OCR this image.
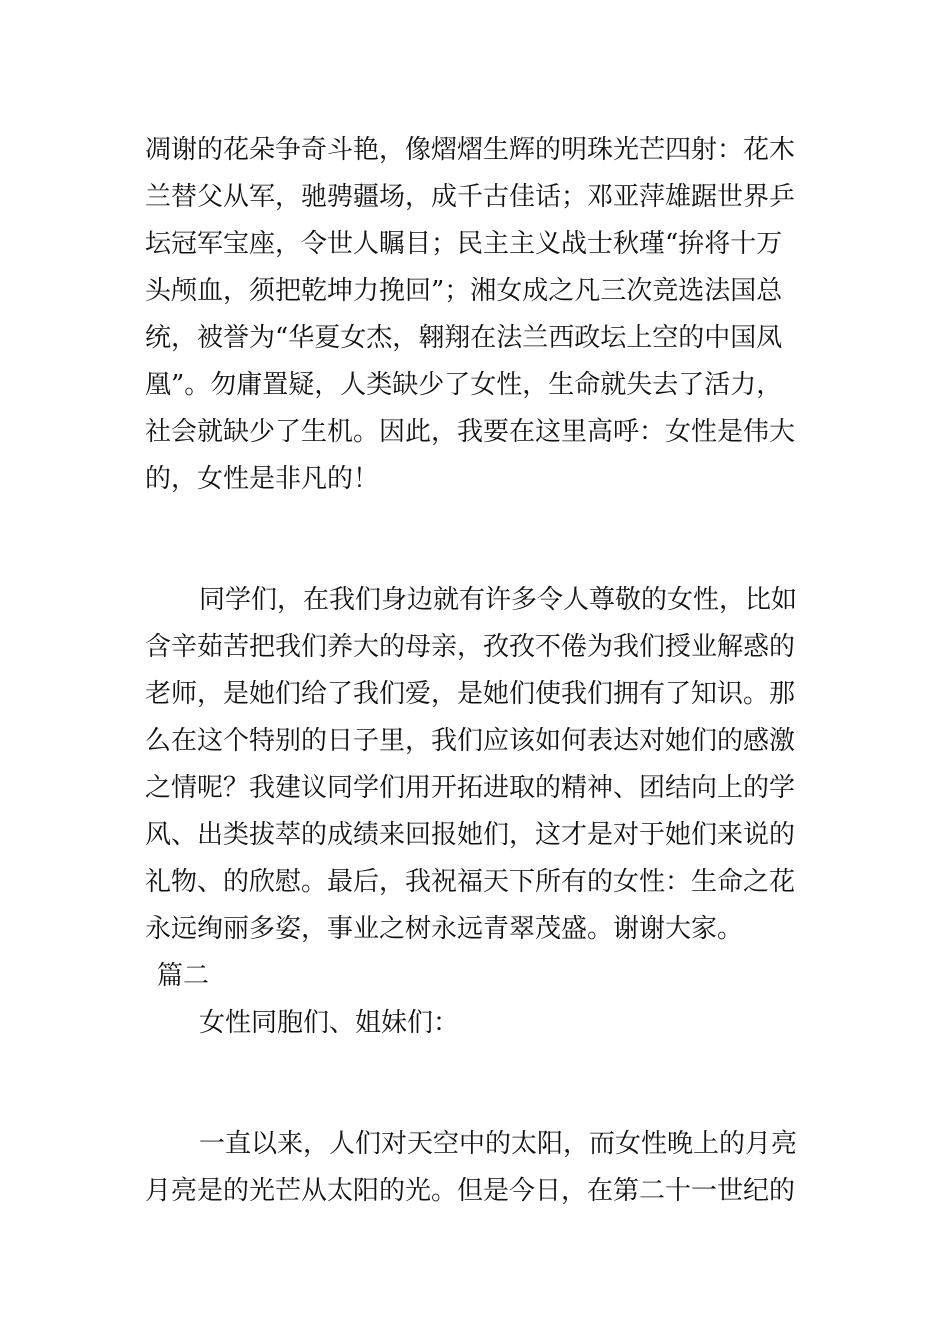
凋谢的花朵争奇斗艳，像熠熠生辉的明珠光芒四射：花木
兰替父从军，驰骋疆场，成千古佳话；邓亚萍雄踞世界乒
坛冠军宝座，令世人瞩目；民主主义战士秋瑾“拚将十万
头颅血，须把乾坤力挽回”；湘女成之凡三次竞选法国总
统，被誉为“华夏女杰，翱翔在法兰西政坛上空的中国凤
凰”。勿庸置疑，人类缺少了女性，生命就失去了活力，
社会就缺少了生机。因此，我要在这里高呼：女性是伟大
的，女性是非凡的！
同学们，在我们身边就有许多令人尊敬的女性，比如
含辛茹苦把我们养大的母亲，孜孜不倦为我们授业解惑的
老师，是她们给了我们爱，是她们使我们拥有了知识。那
么在这个特别的日子里，我们应该如何表达对她们的感激
之情呢？我建议同学们用开拓进取的精神、团结向上的学
风、出类拔萃的成绩来回报她们，这才是对于她们来说的
礼物、的欣慰。最后，我祝福天下所有的女性：生命之花
永远绚丽多姿，事业之树永远青翠茂盛。谢谢大家。
篇二
女性同胞们、姐妹们：
一直以来，人们对天空中的太阳，而女性晚上的月亮
月亮是的光芒从太阳的光。但是今日，在第二十一世纪的
